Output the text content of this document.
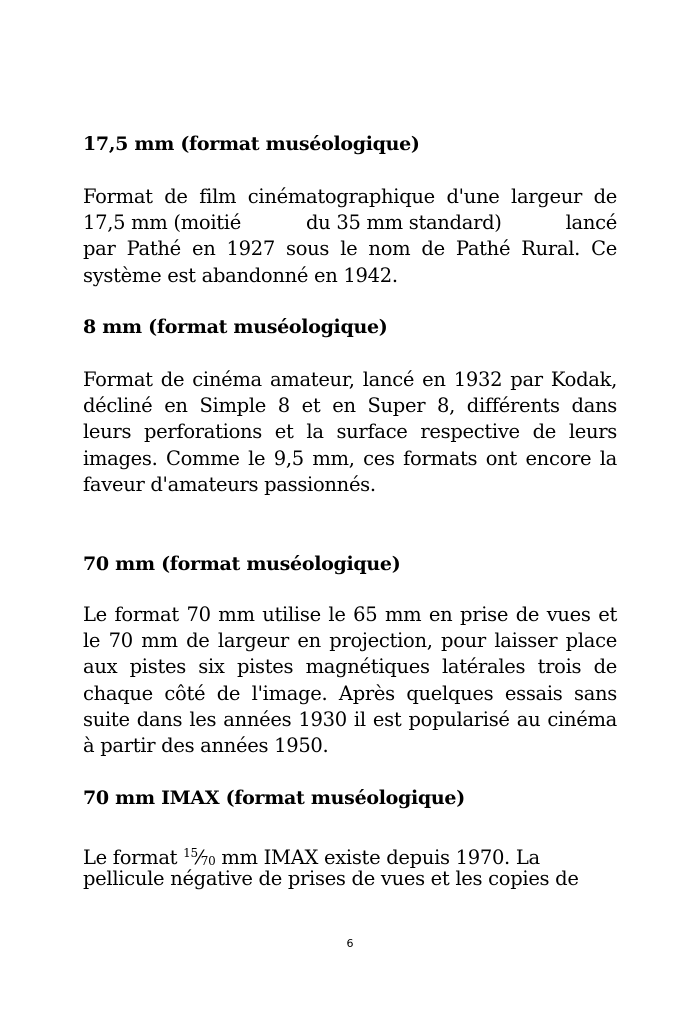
17,5 mm (format muséologique)
Format de film cinématographique d'une largeur de
17,5 mm (moitié	du 35 mm standard)	lancé
par Pathé en 1927 sous le nom de Pathé Rural. Ce
système est abandonné en 1942.
8 mm (format muséologique)
Format de cinéma amateur, lancé en 1932 par Kodak,
décliné en Simple 8 et en Super 8, différents dans
leurs perforations et la surface respective de leurs
images. Comme le 9,5 mm, ces formats ont encore la
faveur d'amateurs passionnés.
70 mm (format muséologique)
Le format 70 mm utilise le 65 mm en prise de vues et
le 70 mm de largeur en projection, pour laisser place
aux pistes six pistes magnétiques latérales trois de
chaque côté de l'image. Après quelques essais sans
suite dans les années 1930 il est popularisé au cinéma
à partir des années 1950.
70 mm IMAX (format muséologique)
Le format $^{15}$⁄70 mm IMAX existe depuis 1970. La
pellicule négative de prises de vues et les copies de
6
